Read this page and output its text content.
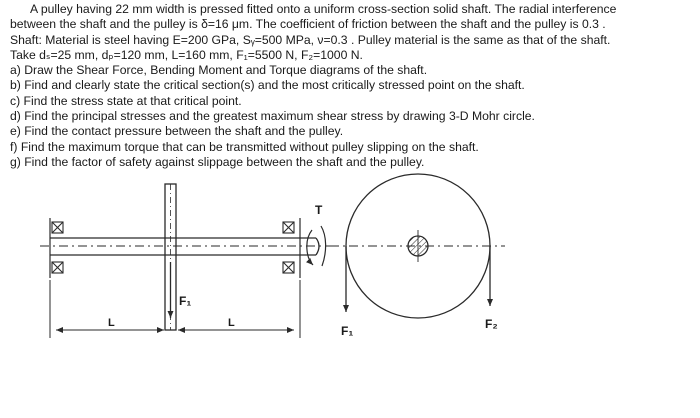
A pulley having 22 mm width is pressed fitted onto a uniform cross-section solid shaft. The radial interference

between the shaft and the pulley is δ=16 μm. The coefficient of friction between the shaft and the pulley is 0.3 .

Shaft: Material is steel having E=200 GPa, Sᵧ=500 MPa, ν=0.3 . Pulley material is the same as that of the shaft.

Take dₛ=25 mm, dₚ=120 mm, L=160 mm, F₁=5500 N, F₂=1000 N.

a) Draw the Shear Force, Bending Moment and Torque diagrams of the shaft.

b) Find and clearly state the critical section(s) and the most critically stressed point on the shaft.

c) Find the stress state at that critical point.

d) Find the principal stresses and the greatest maximum shear stress by drawing 3-D Mohr circle.

e) Find the contact pressure between the shaft and the pulley.

f) Find the maximum torque that can be transmitted without pulley slipping on the shaft.

g) Find the factor of safety against slippage between the shaft and the pulley.

T
F₁
L	L
F₁	F₂
